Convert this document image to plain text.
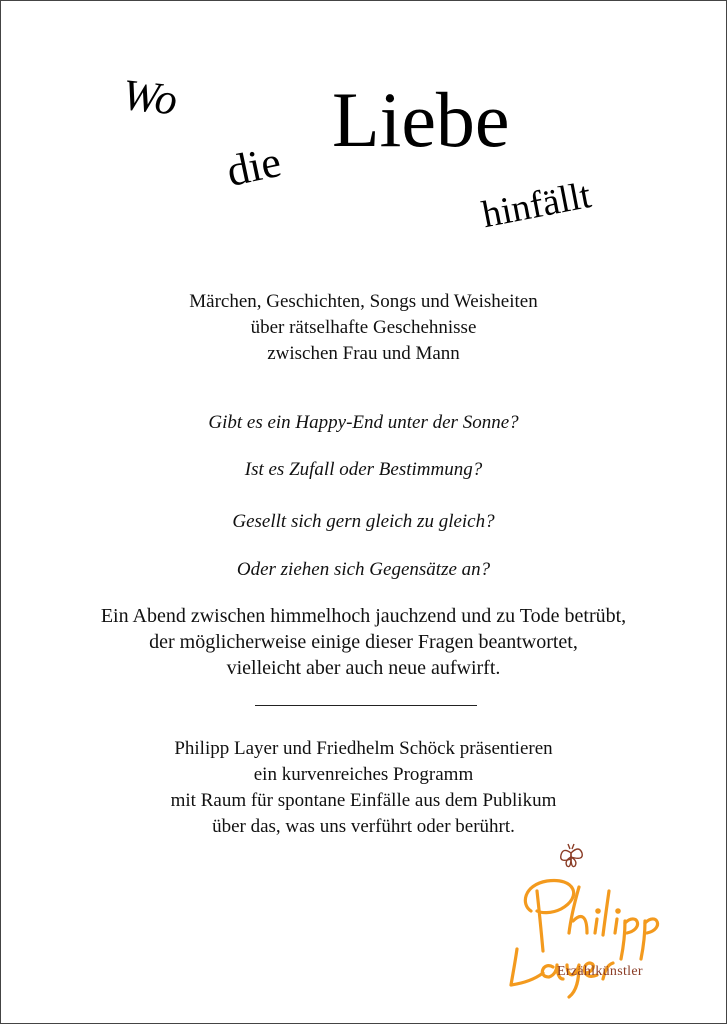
Wo Liebe
die
hinfällt
Märchen, Geschichten, Songs und Weisheiten
über rätselhafte Geschehnisse
zwischen Frau und Mann
Gibt es ein Happy-End unter der Sonne?
Ist es Zufall oder Bestimmung?
Gesellt sich gern gleich zu gleich?
Oder ziehen sich Gegensätze an?
Ein Abend zwischen himmelhoch jauchzend und zu Tode betrübt,
der möglicherweise einige dieser Fragen beantwortet,
vielleicht aber auch neue aufwirft.
Philipp Layer und Friedhelm Schöck präsentieren
ein kurvenreiches Programm
mit Raum für spontane Einfälle aus dem Publikum
über das, was uns verführt oder berührt.
Erzählkünstler
